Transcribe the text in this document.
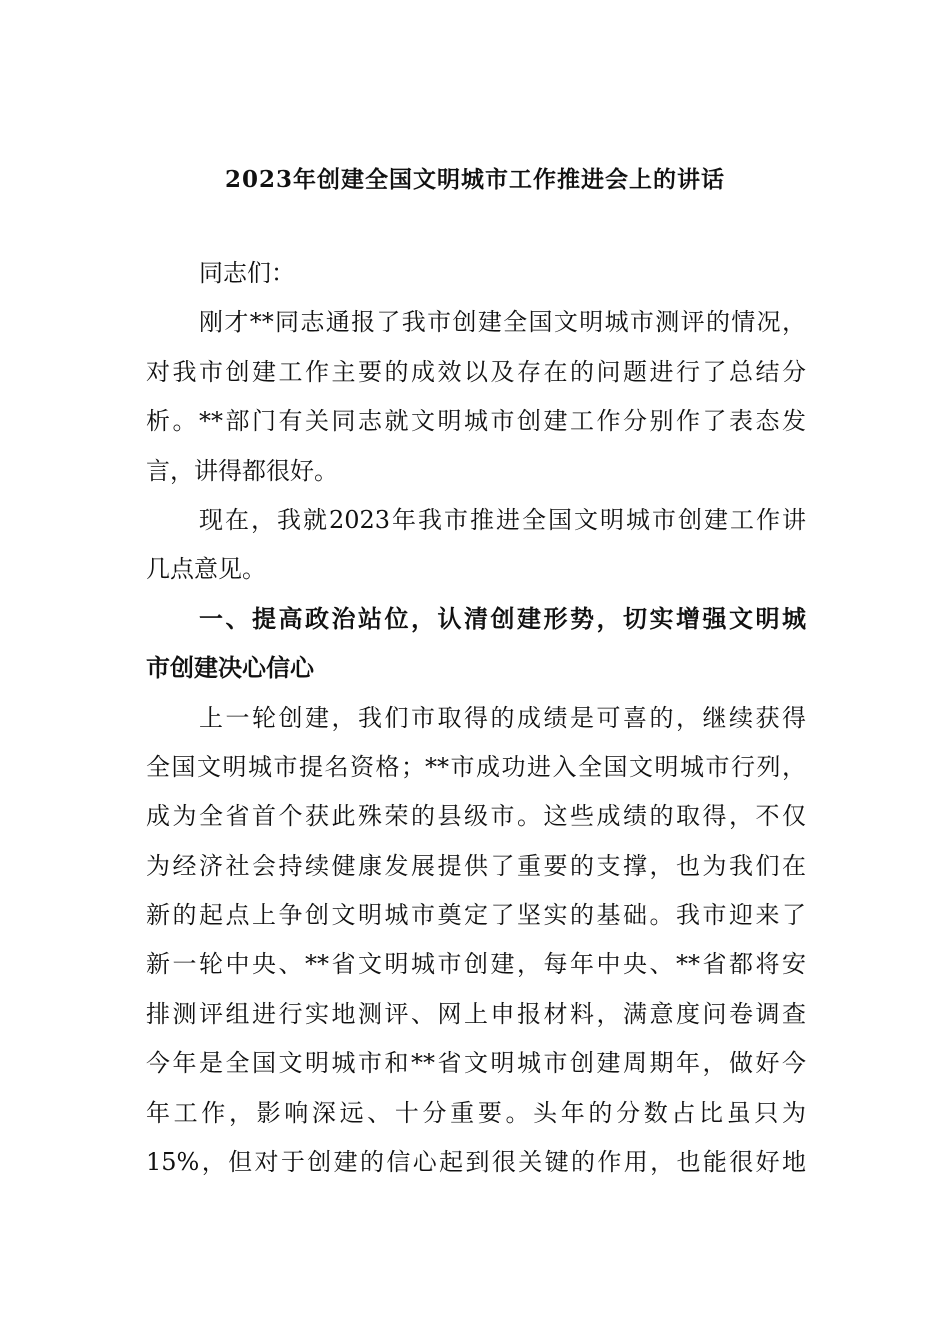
2023年创建全国文明城市工作推进会上的讲话
同志们：
刚才**同志通报了我市创建全国文明城市测评的情况，
对我市创建工作主要的成效以及存在的问题进行了总结分
析。**部门有关同志就文明城市创建工作分别作了表态发
言，讲得都很好。
现在，我就2023年我市推进全国文明城市创建工作讲
几点意见。
一、提高政治站位，认清创建形势，切实增强文明城
市创建决心信心
上一轮创建，我们市取得的成绩是可喜的，继续获得
全国文明城市提名资格；**市成功进入全国文明城市行列，
成为全省首个获此殊荣的县级市。这些成绩的取得，不仅
为经济社会持续健康发展提供了重要的支撑，也为我们在
新的起点上争创文明城市奠定了坚实的基础。我市迎来了
新一轮中央、**省文明城市创建，每年中央、**省都将安
排测评组进行实地测评、网上申报材料，满意度问卷调查
今年是全国文明城市和**省文明城市创建周期年，做好今
年工作，影响深远、十分重要。头年的分数占比虽只为
15%，但对于创建的信心起到很关键的作用，也能很好地
